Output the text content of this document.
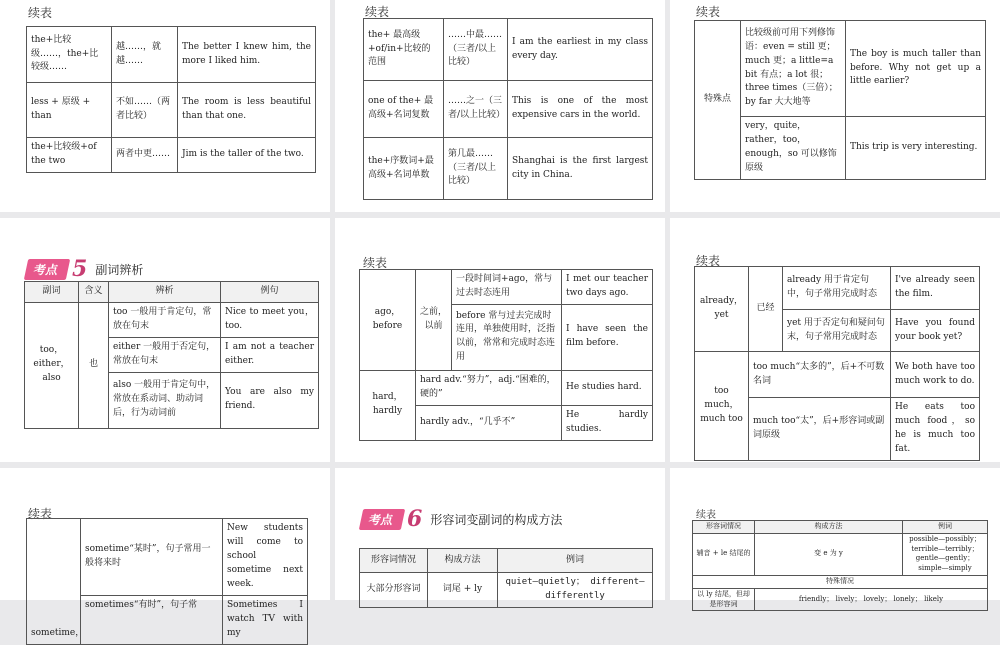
续表
the+比较级……，the+比较级……	越……，就越……	The better I knew him, the more I liked him.
less + 原级 + than	不如……（两者比较）	The room is less beautiful than that one.
the+比较级+of the two	两者中更……	Jim is the taller of the two.
续表
the+ 最高级+of/in+比较的范围	……中最……（三者/以上比较）	I am the earliest in my class every day.
one of the+ 最高级+名词复数	……之一（三者/以上比较）	This is one of the most expensive cars in the world.
the+序数词+最高级+名词单数	第几最……（三者/以上比较）	Shanghai is the first largest city in China.
续表
特殊点	比较级前可用下列修饰语：even = still 更；much 更；a little=a bit 有点；a lot 很；three times（三倍）；by far 大大地等	The boy is much taller than before. Why not get up a little earlier?
	very，quite，rather，too，enough，so 可以修饰原级	This trip is very interesting.
考点 5 副词辨析
副词	含义	辨析	例句
too，either，also	也	too 一般用于肯定句，常放在句末	Nice to meet you，too.
		either 一般用于否定句，常放在句末	I am not a teacher either.
		also 一般用于肯定句中，常放在系动词、助动词后，行为动词前	You are also my friend.
续表
ago，before	之前，以前	一段时间词+ago，常与过去时态连用	I met our teacher two days ago.
		before 常与过去完成时连用，单独使用时，泛指以前，常常和完成时态连用	I have seen the film before.
hard，hardly	hard adv.“努力”，adj.“困难的，硬的”		He studies hard.
	hardly adv.，“几乎不”		He hardly studies.
续表
already，yet	已经	already 用于肯定句中，句子常用完成时态	I've already seen the film.
		yet 用于否定句和疑问句末，句子常用完成时态	Have you found your book yet?
too much，much too	too much“太多的”，后+不可数名词		We both have too much work to do.
	much too“太”，后+形容词或副词原级		He eats too much food，so he is much too fat.
续表
sometime，	sometime“某时”，句子常用一般将来时	New students will come to school sometime next week.
	sometimes“有时”，句子常	Sometimes I watch TV with my
考点 6 形容词变副词的构成方法
形容词情况	构成方法	例词
大部分形容词	词尾 + ly	quiet—quietly； different—differently
续表
形容词情况	构成方法	例词
辅音 + le 结尾的	变 e 为 y	possible—possibly； terrible—terribly； gentle—gently； simple—simply
特殊情况		
以 ly 结尾，但却是形容词	friendly； lively； lovely； lonely； likely	
